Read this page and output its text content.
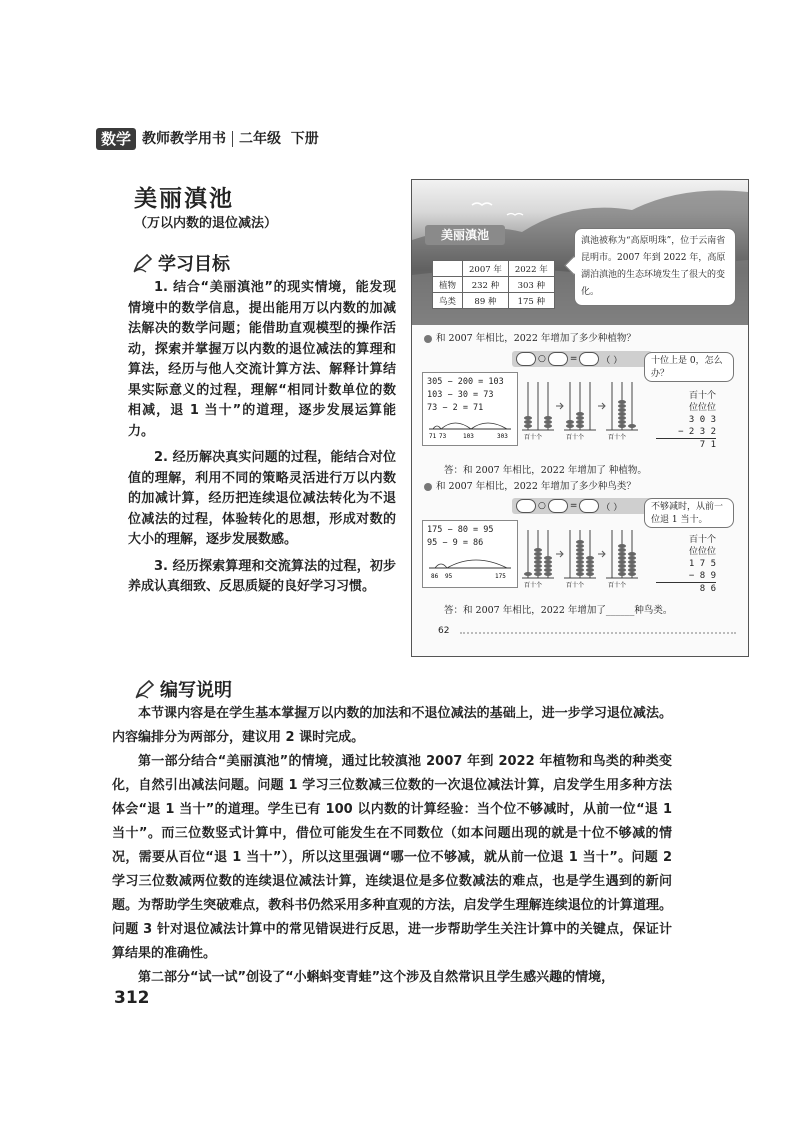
数学 教师教学用书 二年级 下册
美丽滇池
（万以内数的退位减法）
学习目标

1. 结合“美丽滇池”的现实情境，能发现情境中的数学信息，提出能用万以内数的加减法解决的数学问题；能借助直观模型的操作活动，探索并掌握万以内数的退位减法的算理和算法，经历与他人交流计算方法、解释计算结果实际意义的过程，理解“相同计数单位的数相减，退 1 当十”的道理，逐步发展运算能力。

2. 经历解决真实问题的过程，能结合对位值的理解，利用不同的策略灵活进行万以内数的加减计算，经历把连续退位减法转化为不退位减法的过程，体验转化的思想，形成对数的大小的理解，逐步发展数感。

3. 经历探索算理和交流算法的过程，初步养成认真细致、反思质疑的良好学习习惯。

美丽滇池
	2007 年	2022 年
植物	232 种	303 种
鸟类	89 种	175 种
滇池被称为“高原明珠”，位于云南省昆明市。2007 年到 2022 年，高原湖泊滇池的生态环境发生了很大的变化。
和 2007 年相比，2022 年增加了多少种植物？
○	=	（ ）
305 − 200 = 103
103 − 30 = 73
73 − 2 = 71
71 73	103	303	百十个	百十个	百十个
十位上是 0，怎么办？
百十个
位位位
3 0 3
− 2 3 2
7 1
答：和 2007 年相比，2022 年增加了 种植物。
和 2007 年相比，2022 年增加了多少种鸟类？
○	=	（ ）
175 − 80 = 95
95 − 9 = 86
86 95	175
百十个	百十个	百十个
不够减时，从前一位退 1 当十。
百十个
位位位
1 7 5
− 8 9
8 6
答：和 2007 年相比，2022 年增加了______种鸟类。
62
编写说明

本节课内容是在学生基本掌握万以内数的加法和不退位减法的基础上，进一步学习退位减法。内容编排分为两部分，建议用 2 课时完成。

第一部分结合“美丽滇池”的情境，通过比较滇池 2007 年到 2022 年植物和鸟类的种类变化，自然引出减法问题。问题 1 学习三位数减三位数的一次退位减法计算，启发学生用多种方法体会“退 1 当十”的道理。学生已有 100 以内数的计算经验：当个位不够减时，从前一位“退 1 当十”。而三位数竖式计算中，借位可能发生在不同数位（如本问题出现的就是十位不够减的情况，需要从百位“退 1 当十”），所以这里强调“哪一位不够减，就从前一位退 1 当十”。问题 2 学习三位数减两位数的连续退位减法计算，连续退位是多位数减法的难点，也是学生遇到的新问题。为帮助学生突破难点，教科书仍然采用多种直观的方法，启发学生理解连续退位的计算道理。问题 3 针对退位减法计算中的常见错误进行反思，进一步帮助学生关注计算中的关键点，保证计算结果的准确性。

第二部分“试一试”创设了“小蝌蚪变青蛙”这个涉及自然常识且学生感兴趣的情境，

312
